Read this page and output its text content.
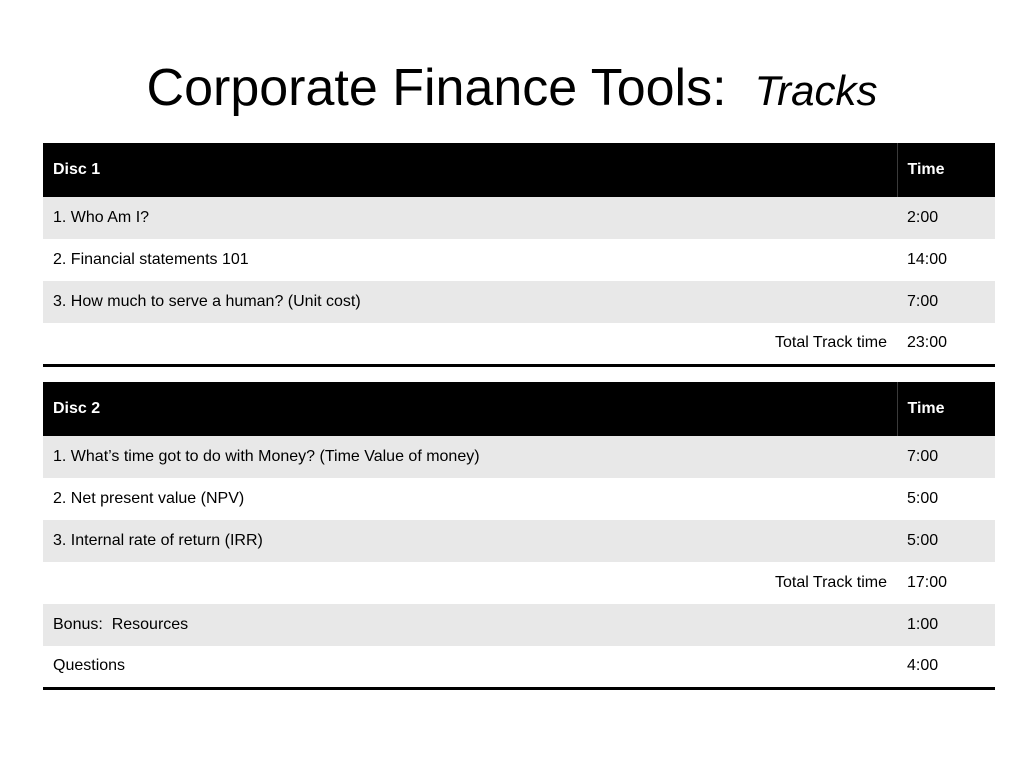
Corporate Finance Tools: Tracks
Disc 1	Time
1. Who Am I?	2:00
2. Financial statements 101	14:00
3. How much to serve a human? (Unit cost)	7:00
Total Track time	23:00
Disc 2	Time
1. What’s time got to do with Money? (Time Value of money)	7:00
2. Net present value (NPV)	5:00
3. Internal rate of return (IRR)	5:00
Total Track time	17:00
Bonus:  Resources	1:00
Questions	4:00
